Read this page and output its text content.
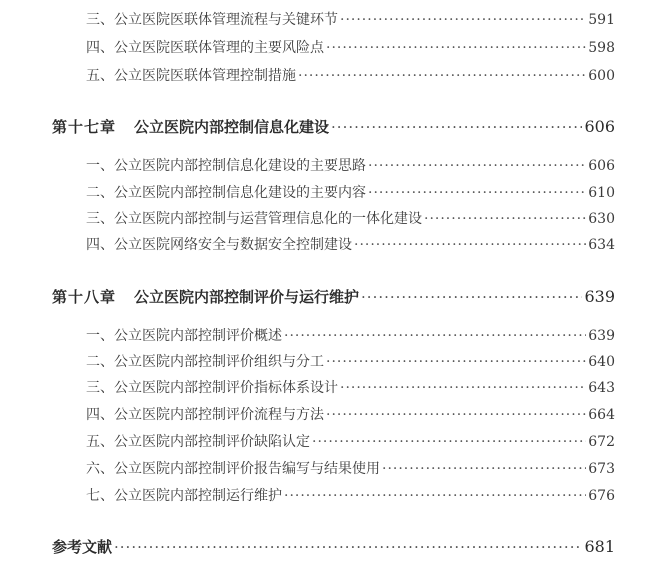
三、公立医院医联体管理流程与关键环节 ·····	591
四、公立医院医联体管理的主要风险点 ·····	598
五、公立医院医联体管理控制措施 ·····	600
第十七章 公立医院内部控制信息化建设 ·····	606
一、公立医院内部控制信息化建设的主要思路 ·····	606
二、公立医院内部控制信息化建设的主要内容 ·····	610
三、公立医院内部控制与运营管理信息化的一体化建设 ·····	630
四、公立医院网络安全与数据安全控制建设 ·····	634
第十八章 公立医院内部控制评价与运行维护 ·····	639
一、公立医院内部控制评价概述 ·····	639
二、公立医院内部控制评价组织与分工 ·····	640
三、公立医院内部控制评价指标体系设计 ·····	643
四、公立医院内部控制评价流程与方法 ·····	664
五、公立医院内部控制评价缺陷认定 ·····	672
六、公立医院内部控制评价报告编写与结果使用 ·····	673
七、公立医院内部控制运行维护 ·····	676
参考文献 ·····	681
